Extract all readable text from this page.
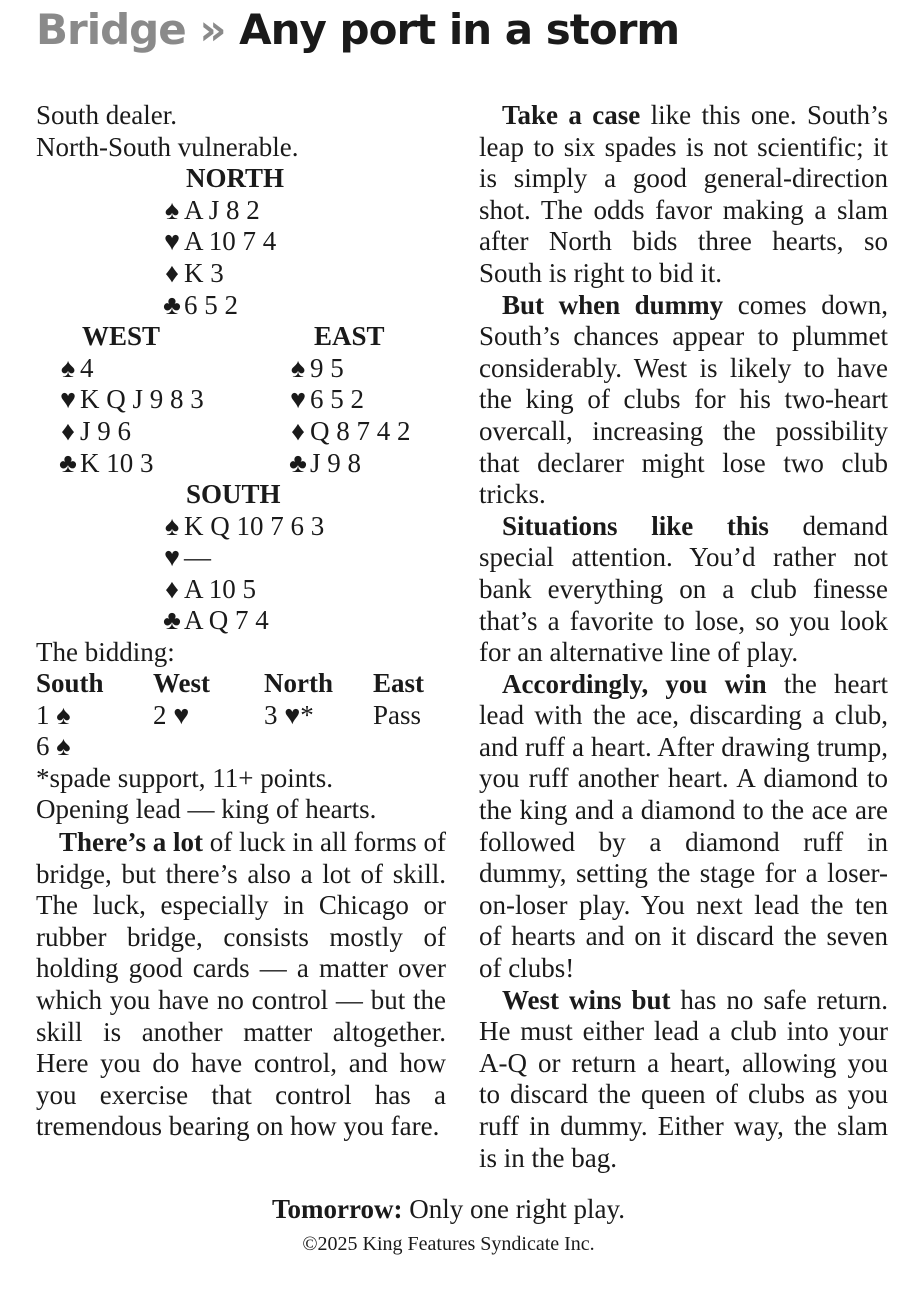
Bridge » Any port in a storm
South dealer.
North-South vulnerable.
NORTH
♠ A J 8 2
♥ A 10 7 4
♦ K 3
♣ 6 5 2
WEST
♠ 4
♥ K Q J 9 8 3
♦ J 9 6
♣ K 10 3
EAST
♠ 9 5
♥ 6 5 2
♦ Q 8 7 4 2
♣ J 9 8
SOUTH
♠ K Q 10 7 6 3
♥ —
♦ A 10 5
♣ A Q 7 4
The bidding:
South West North East
1 ♠	2 ♥	3 ♥* Pass
6 ♠
*spade support, 11+ points.
Opening lead — king of hearts.

There’s a lot of luck in all forms of bridge, but there’s also a lot of skill. The luck, especially in Chicago or rubber bridge, consists mostly of holding good cards — a matter over which you have no control — but the skill is another matter altogether. Here you do have control, and how you exercise that control has a tremendous bearing on how you fare.

Take a case like this one. South’s leap to six spades is not scientific; it is simply a good general-direction shot. The odds favor making a slam after North bids three hearts, so South is right to bid it.

But when dummy comes down, South’s chances appear to plummet considerably. West is likely to have the king of clubs for his two-heart overcall, increasing the possibility that declarer might lose two club tricks.

Situations like this demand special attention. You’d rather not bank everything on a club finesse that’s a favorite to lose, so you look for an alternative line of play.

Accordingly, you win the heart lead with the ace, discarding a club, and ruff a heart. After drawing trump, you ruff another heart. A diamond to the king and a diamond to the ace are followed by a diamond ruff in dummy, setting the stage for a loser-on-loser play. You next lead the ten of hearts and on it discard the seven of clubs!

West wins but has no safe return. He must either lead a club into your A-Q or return a heart, allowing you to discard the queen of clubs as you ruff in dummy. Either way, the slam is in the bag.

Tomorrow: Only one right play.
©2025 King Features Syndicate Inc.
